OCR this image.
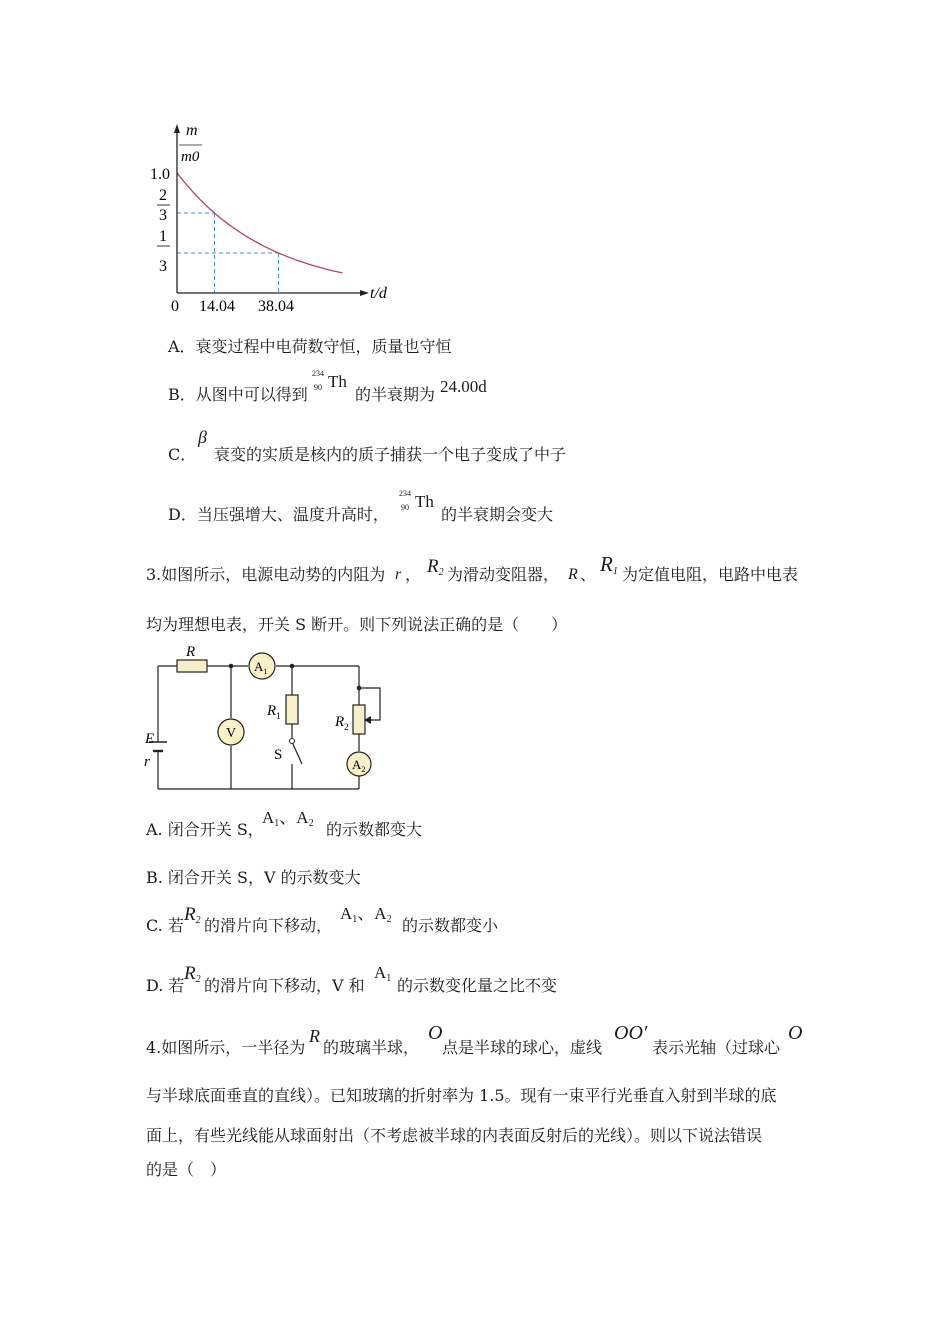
m
m0
1.0
2
3
1
3
0 14.04 38.04
t/d
A．衰变过程中电荷数守恒，质量也守恒
B．从图中可以得到
234
90 Th
的半衰期为 24.00d
C．
β
衰变的实质是核内的质子捕获一个电子变成了中子
D．当压强增大、温度升高时，
234
90 Th
的半衰期会变大
3.如图所示，电源电动势的内阻为 r ， $R_2$ 为滑动变阻器， R 、 $R_1$ 为定值电阻，电路中电表
均为理想电表，开关 S 断开。则下列说法正确的是（　　）
R
$A_1$
V
$R_1$
S
$R_2$
$A_2$
E
r
A. 闭合开关 S，
$A_1$、$A_2$ 的示数都变大
B. 闭合开关 S，V 的示数变大
C. 若
$R_2$ 的滑片向下移动，
$A_1$、$A_2$ 的示数都变小
D. 若
$R_2$ 的滑片向下移动，V 和
$A_1$ 的示数变化量之比不变
4.如图所示，一半径为
R
的玻璃半球，
O
点是半球的球心，虚线
OO′
表示光轴（过球心
O
与半球底面垂直的直线）。已知玻璃的折射率为 1.5。现有一束平行光垂直入射到半球的底
面上，有些光线能从球面射出（不考虑被半球的内表面反射后的光线）。则以下说法错误
的是（　）
